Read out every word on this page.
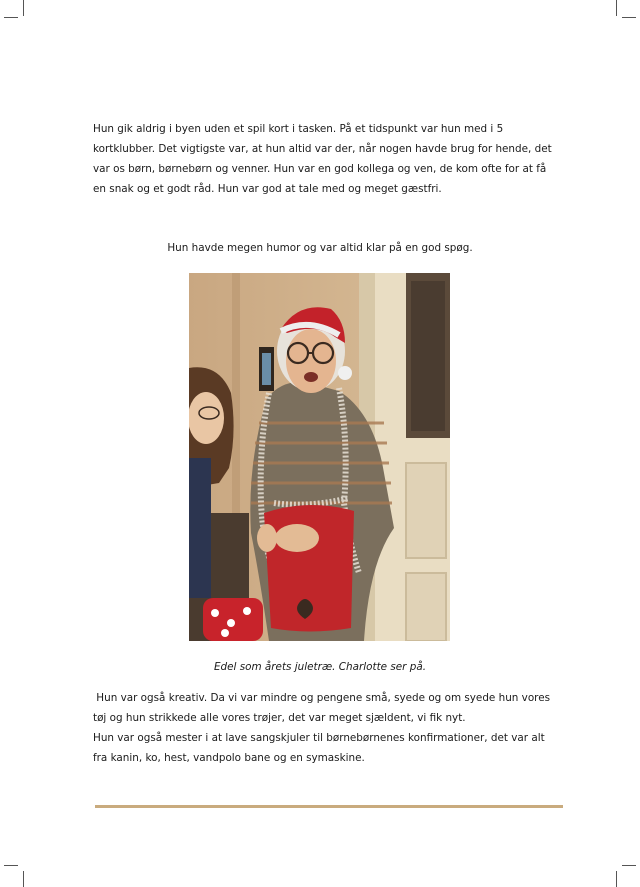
Hun gik aldrig i byen uden et spil kort i tasken. På et tidspunkt var hun med i 5
kortklubber. Det vigtigste var, at hun altid var der, når nogen havde brug for hende, det
var os børn, børnebørn og venner. Hun var en god kollega og ven, de kom ofte for at få
en snak og et godt råd. Hun var god at tale med og meget gæstfri.

Hun havde megen humor og var altid klar på en god spøg.

Edel som årets juletræ. Charlotte ser på.

Hun var også kreativ. Da vi var mindre og pengene små, syede og om syede hun vores
tøj og hun strikkede alle vores trøjer, det var meget sjældent, vi fik nyt.
Hun var også mester i at lave sangskjuler til børnebørnenes konfirmationer, det var alt
fra kanin, ko, hest, vandpolo bane og en symaskine.
